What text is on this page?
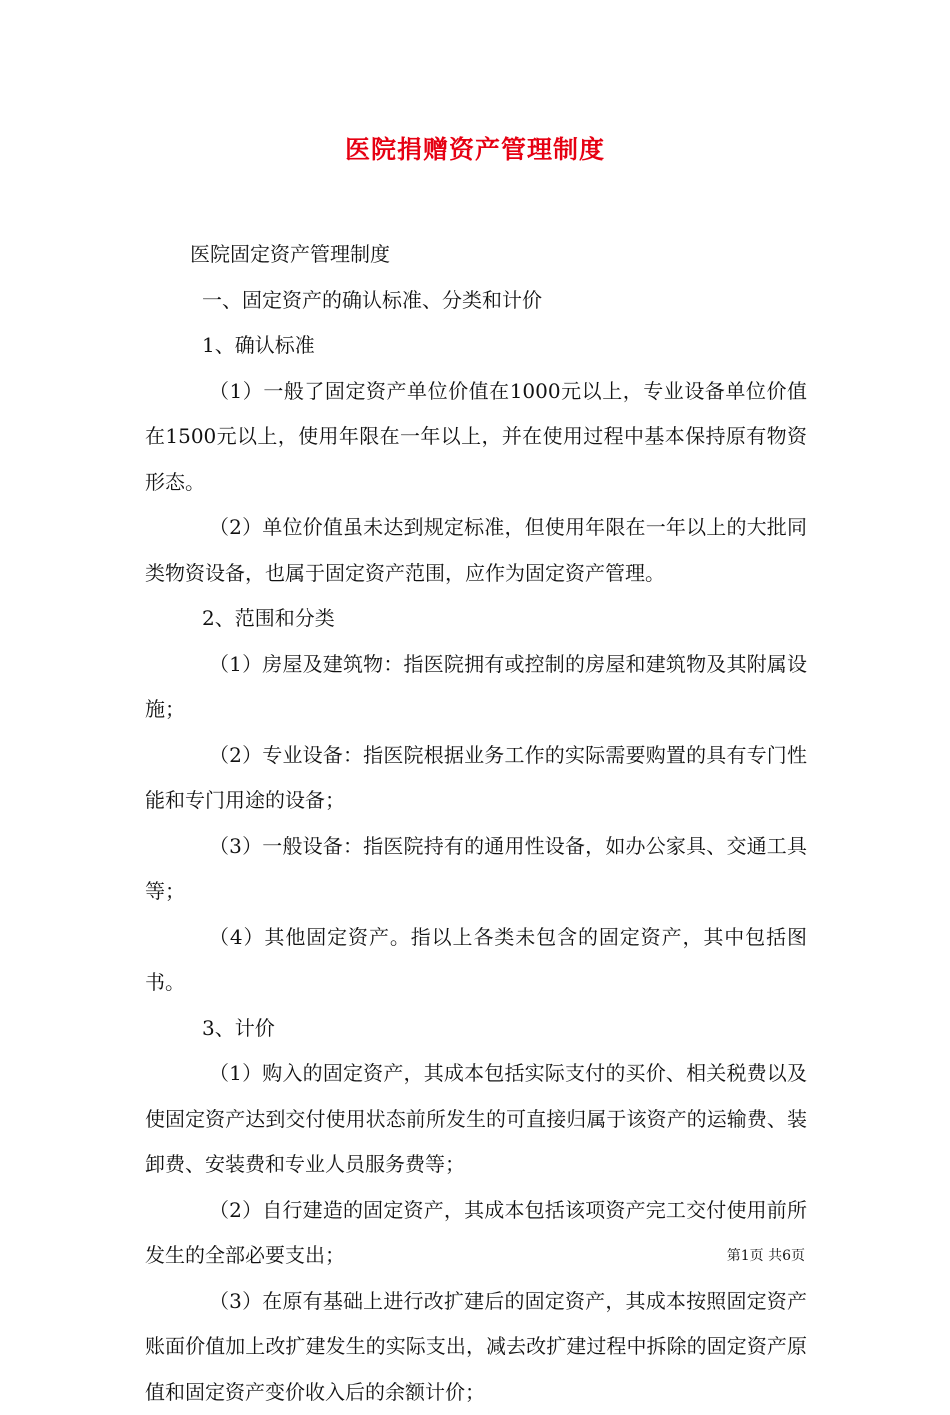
医院捐赠资产管理制度

医院固定资产管理制度

一、固定资产的确认标准、分类和计价

1、确认标准

（1）一般了固定资产单位价值在1000元以上，专业设备单位价值在1500元以上，使用年限在一年以上，并在使用过程中基本保持原有物资形态。

（2）单位价值虽未达到规定标准，但使用年限在一年以上的大批同类物资设备，也属于固定资产范围，应作为固定资产管理。

2、范围和分类

（1）房屋及建筑物：指医院拥有或控制的房屋和建筑物及其附属设施；

（2）专业设备：指医院根据业务工作的实际需要购置的具有专门性能和专门用途的设备；

（3）一般设备：指医院持有的通用性设备，如办公家具、交通工具等；

（4）其他固定资产。指以上各类未包含的固定资产，其中包括图书。

3、计价

（1）购入的固定资产，其成本包括实际支付的买价、相关税费以及使固定资产达到交付使用状态前所发生的可直接归属于该资产的运输费、装卸费、安装费和专业人员服务费等；

（2）自行建造的固定资产，其成本包括该项资产完工交付使用前所发生的全部必要支出；

（3）在原有基础上进行改扩建后的固定资产，其成本按照固定资产账面价值加上改扩建发生的实际支出，减去改扩建过程中拆除的固定资产原值和固定资产变价收入后的余额计价；

第1页 共6页
